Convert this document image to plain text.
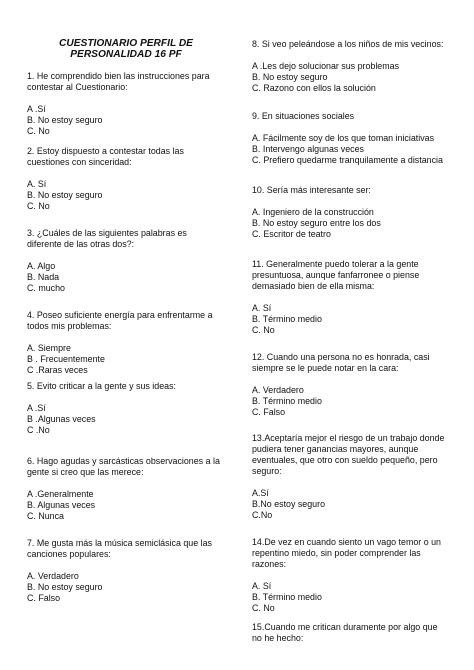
CUESTIONARIO PERFIL DE
PERSONALIDAD 16 PF
1. He comprendido bien las instrucciones para
contestar al Cuestionario:
A .Sí
B. No estoy seguro
C. No
2. Estoy dispuesto a contestar todas las
cuestiones con sinceridad:
A. Sí
B. No estoy seguro
C. No
3. ¿Cuáles de las siguientes palabras es
diferente de las otras dos?:
A. Algo
B. Nada
C. mucho
4. Poseo suficiente energía para enfrentarme a
todos mis problemas:
A. Siempre
B . Frecuentemente
C .Raras veces
5. Evito criticar a la gente y sus ideas:
A .Sí
B .Algunas veces
C .No
6. Hago agudas y sarcásticas observaciones a la
gente si creo que las merece:
A .Generalmente
B. Algunas veces
C. Nunca
7. Me gusta más la música semiclásica que las
canciones populares:
A. Verdadero
B. No estoy seguro
C. Falso
8. Si veo peleándose a los niños de mis vecinos:
A .Les dejo solucionar sus problemas
B. No estoy seguro
C. Razono con ellos la solución
9. En situaciones sociales
A. Fácilmente soy de los que toman iniciativas
B. Intervengo algunas veces
C. Prefiero quedarme tranquilamente a distancia
10. Sería más interesante ser:
A. Ingeniero de la construcción
B. No estoy seguro entre los dos
C. Escritor de teatro
11. Generalmente puedo tolerar a la gente
presuntuosa, aunque fanfarronee o piense
demasiado bien de ella misma:
A. Sí
B. Término medio
C. No
12. Cuando una persona no es honrada, casi
siempre se le puede notar en la cara:
A. Verdadero
B. Término medio
C. Falso
13.Aceptaría mejor el riesgo de un trabajo donde
pudiera tener ganancias mayores, aunque
eventuales, que otro con sueldo pequeño, pero
seguro:
A.Sí
B.No estoy seguro
C.No
14.De vez en cuando siento un vago temor o un
repentino miedo, sin poder comprender las
razones:
A. Sí
B. Término medio
C. No
15.Cuando me critican duramente por algo que
no he hecho:
